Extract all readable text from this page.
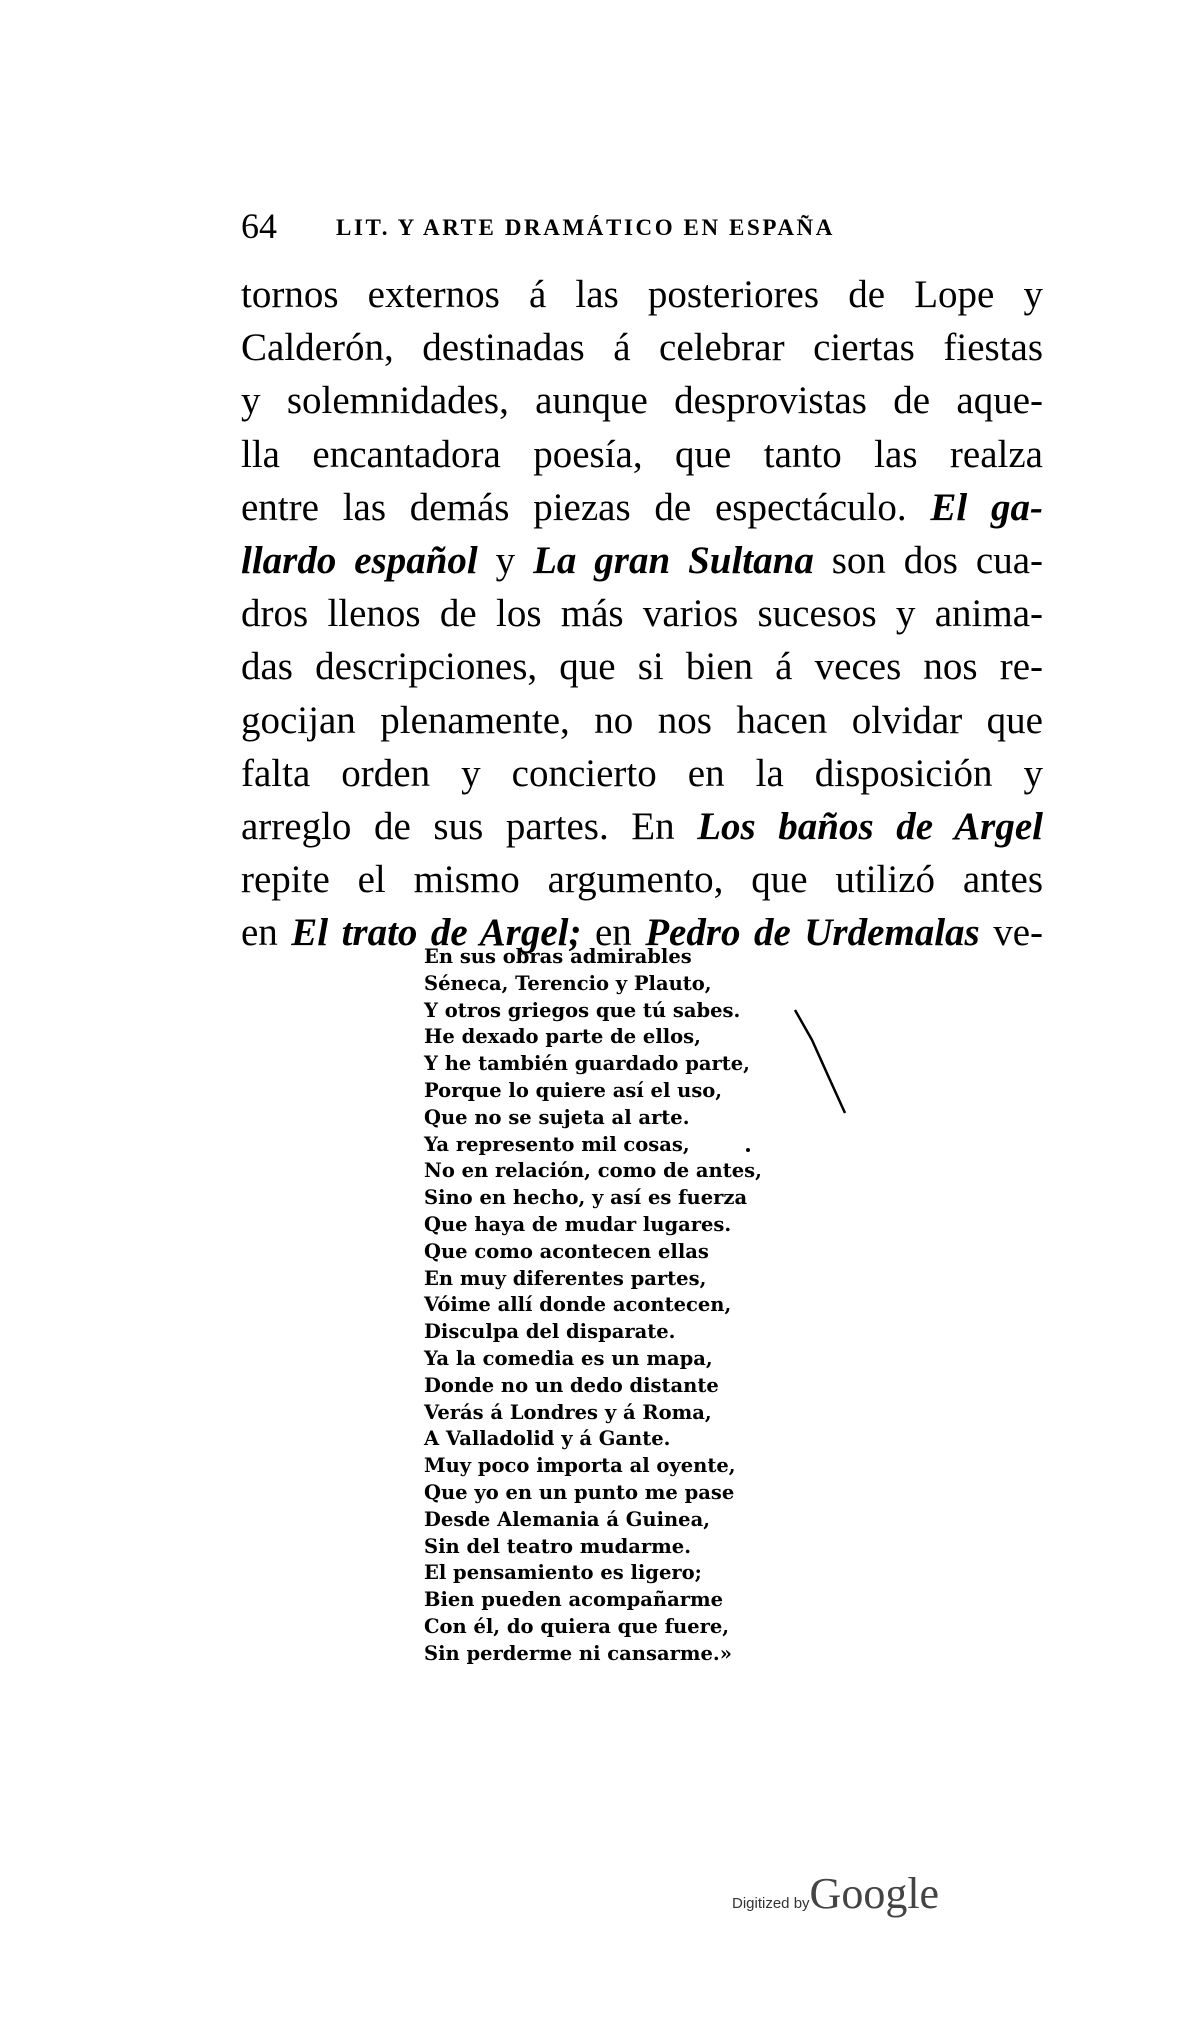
64	LIT. Y ARTE DRAMÁTICO EN ESPAÑA
tornos externos á las posteriores de Lope y
Calderón, destinadas á celebrar ciertas fiestas
y solemnidades, aunque desprovistas de aque-
lla encantadora poesía, que tanto las realza
entre las demás piezas de espectáculo. El ga-
llardo español y La gran Sultana son dos cua-
dros llenos de los más varios sucesos y anima-
das descripciones, que si bien á veces nos re-
gocijan plenamente, no nos hacen olvidar que
falta orden y concierto en la disposición y
arreglo de sus partes. En Los baños de Argel
repite el mismo argumento, que utilizó antes
en El trato de Argel; en Pedro de Urdemalas ve-
En sus obras admirables
Séneca, Terencio y Plauto,
Y otros griegos que tú sabes.
He dexado parte de ellos,
Y he también guardado parte,
Porque lo quiere así el uso,
Que no se sujeta al arte.
Ya represento mil cosas,
No en relación, como de antes,
Sino en hecho, y así es fuerza
Que haya de mudar lugares.
Que como acontecen ellas
En muy diferentes partes,
Vóime allí donde acontecen,
Disculpa del disparate.
Ya la comedia es un mapa,
Donde no un dedo distante
Verás á Londres y á Roma,
A Valladolid y á Gante.
Muy poco importa al oyente,
Que yo en un punto me pase
Desde Alemania á Guinea,
Sin del teatro mudarme.
El pensamiento es ligero;
Bien pueden acompañarme
Con él, do quiera que fuere,
Sin perderme ni cansarme.»
Digitized byGoogle
